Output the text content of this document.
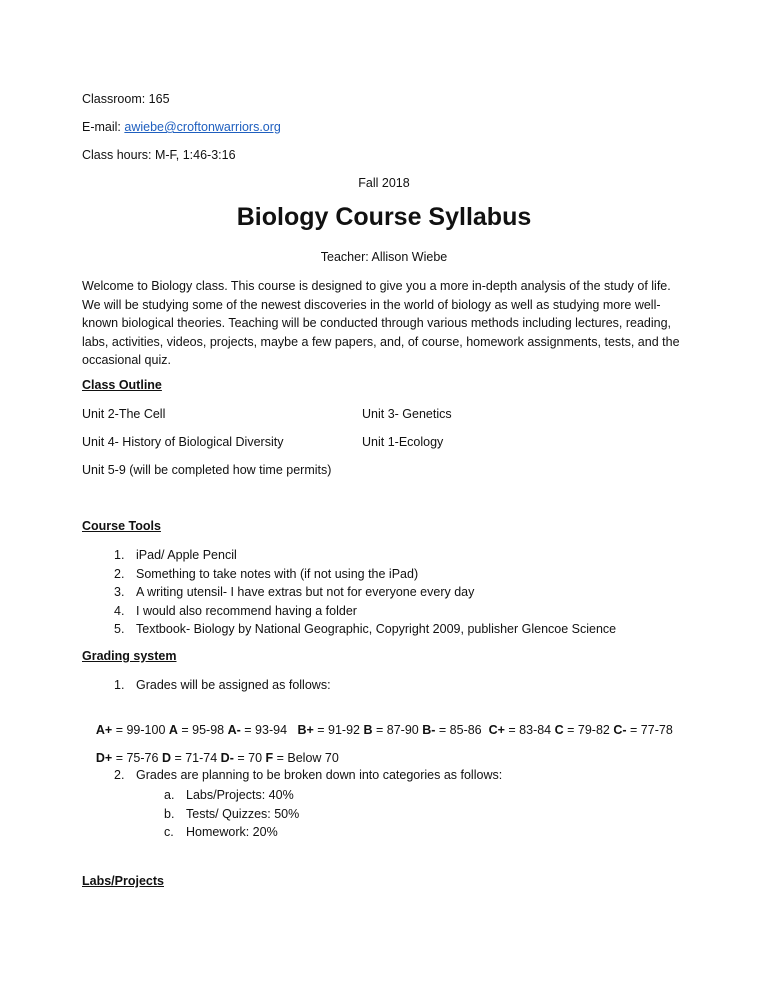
Classroom: 165
E-mail: awiebe@croftonwarriors.org
Class hours: M-F, 1:46-3:16
Fall 2018
Biology Course Syllabus
Teacher: Allison Wiebe
Welcome to Biology class. This course is designed to give you a more in-depth analysis of the study of life. We will be studying some of the newest discoveries in the world of biology as well as studying more well-known biological theories. Teaching will be conducted through various methods including lectures, reading, labs, activities, videos, projects, maybe a few papers, and, of course, homework assignments, tests, and the occasional quiz.
Class Outline
Unit 2-The Cell	Unit 3- Genetics
Unit 4- History of Biological Diversity	Unit 1-Ecology
Unit 5-9 (will be completed how time permits)
Course Tools
1. iPad/ Apple Pencil
2. Something to take notes with (if not using the iPad)
3. A writing utensil- I have extras but not for everyone every day
4. I would also recommend having a folder
5. Textbook- Biology by National Geographic, Copyright 2009, publisher Glencoe Science
Grading system
1. Grades will be assigned as follows:

A+ = 99-100 A = 95-98 A- = 93-94   B+ = 91-92 B = 87-90 B- = 85-86  C+ = 83-84 C = 79-82 C- = 77-78

D+ = 75-76 D = 71-74 D- = 70 F = Below 70

2. Grades are planning to be broken down into categories as follows:
a. Labs/Projects: 40%
b. Tests/ Quizzes: 50%
c. Homework: 20%
Labs/Projects
